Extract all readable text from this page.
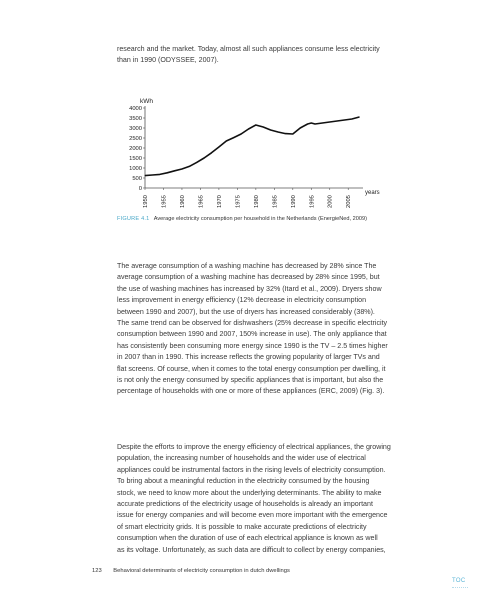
research and the market. Today, almost all such appliances consume less electricity
than in 1990 (ODYSSEE, 2007).
kWh
0
500
1000
1500
2000
2500
3000
3500
4000
1950 1955 1960 1965 1970 1975 1980 1985 1990 1995 2000 2005
years
FIGURE 4.1 Average electricity consumption per household in the Netherlands (EnergieNed, 2009)
The average consumption of a washing machine has decreased by 28% since The
average consumption of a washing machine has decreased by 28% since 1995, but
the use of washing machines has increased by 32% (Itard et al., 2009). Dryers show
less improvement in energy efficiency (12% decrease in electricity consumption
between 1990 and 2007), but the use of dryers has increased considerably (38%).
The same trend can be observed for dishwashers (25% decrease in specific electricity
consumption between 1990 and 2007, 150% increase in use). The only appliance that
has consistently been consuming more energy since 1990 is the TV – 2.5 times higher
in 2007 than in 1990. This increase reflects the growing popularity of larger TVs and
flat screens. Of course, when it comes to the total energy consumption per dwelling, it
is not only the energy consumed by specific appliances that is important, but also the
percentage of households with one or more of these appliances (ERC, 2009) (Fig. 3).
Despite the efforts to improve the energy efficiency of electrical appliances, the growing
population, the increasing number of households and the wider use of electrical
appliances could be instrumental factors in the rising levels of electricity consumption.
To bring about a meaningful reduction in the electricity consumed by the housing
stock, we need to know more about the underlying determinants. The ability to make
accurate predictions of the electricity usage of households is already an important
issue for energy companies and will become even more important with the emergence
of smart electricity grids. It is possible to make accurate predictions of electricity
consumption when the duration of use of each electrical appliance is known as well
as its voltage. Unfortunately, as such data are difficult to collect by energy companies,
123 Behavioral determinants of electricity consumption in dutch dwellings
TOC
